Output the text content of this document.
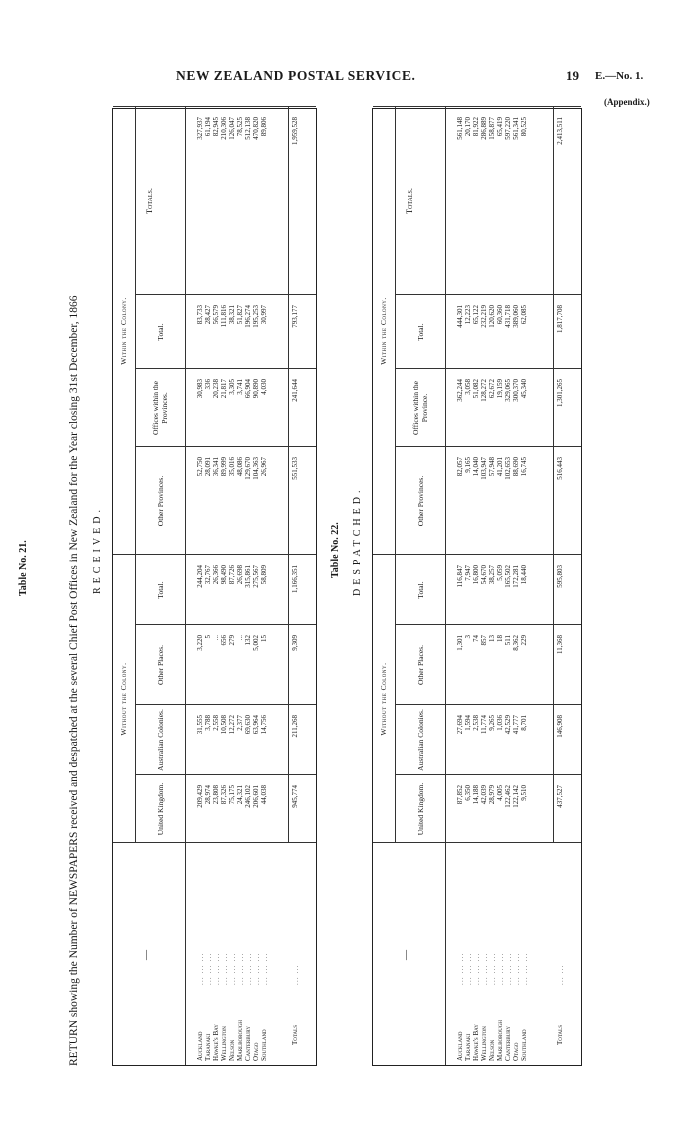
NEW ZEALAND POSTAL SERVICE.	19 E.—No. 1.
(Appendix.)
Table No. 21.	RETURN showing the Number of NEWSPAPERS received and despatched at the several Chief Post Offices in New Zealand for the Year closing 31st December, 1866 RECEIVED.
Without the Colony.
Within the Colony.
—
United Kingdom.
Australian Colonies.
Other Places.
Total.
Other Provinces.
Offices within the Provinces.
Total.
Totals.
Auckland
... ... ...
209,429
31,555
3,220
244,204
52,750
30,983
83,733
327,937
Taranaki
... ... ...
28,974
3,788
5
32,767
28,091
336
28,427
61,194
Hawke's Bay
... ... ...
23,808
2,558
...
26,366
36,341
20,238
56,579
82,945
Wellington
... ... ...
87,326
10,508
656
98,490
89,999
21,817
111,816
210,306
Nelson
... ... ...
75,175
12,272
279
87,726
35,016
3,305
38,321
126,047
Marlborough
... ... ...
24,321
2,377
...
26,698
48,086
3,741
51,827
78,525
Canterbury
... ... ...
246,102
69,630
132
315,861
129,670
66,904
196,274
512,138
Otago
... ... ...
206,601
63,964
5,002
275,567
104,363
90,890
195,253
470,820
Southland
... ... ...
44,038
14,756
15
58,809
26,967
4,030
30,997
89,806
Totals
... ...
945,774
211,268
9,309
1,166,351
551,533
241,644
793,177
1,959,528
Table No. 22. DESPATCHED.
Without the Colony.
Within the Colony.
—
United Kingdom.
Australian Colonies.
Other Places.
Total.
Other Provinces.
Offices within the Province.
Total.
Totals.
Auckland
... ... ...
87,852
27,694
1,301
116,847
82,057
362,244
444,301
561,148
Taranaki
... ... ...
6,350
1,594
3
7,947
9,165
3,058
12,223
20,170
Hawke's Bay
... ... ...
14,188
2,538
74
16,800
14,040
51,082
65,122
81,922
Wellington
... ... ...
42,039
11,774
857
54,670
103,947
128,272
232,219
286,889
Nelson
... ... ...
28,979
9,265
13
38,257
57,948
62,672
120,620
158,877
Marlborough
... ... ...
4,005
1,036
18
5,059
41,201
19,159
60,360
65,419
Canterbury
... ... ...
122,462
42,529
511
165,502
102,653
329,065
431,718
597,220
Otago
... ... ...
122,142
41,777
8,362
172,281
88,690
300,370
389,060
561,341
Southland
... ... ...
9,510
8,701
229
18,440
16,745
45,340
62,085
80,525
Totals
... ...
437,527
146,908
11,368
595,803
516,443
1,301,265
1,817,708
2,413,511
